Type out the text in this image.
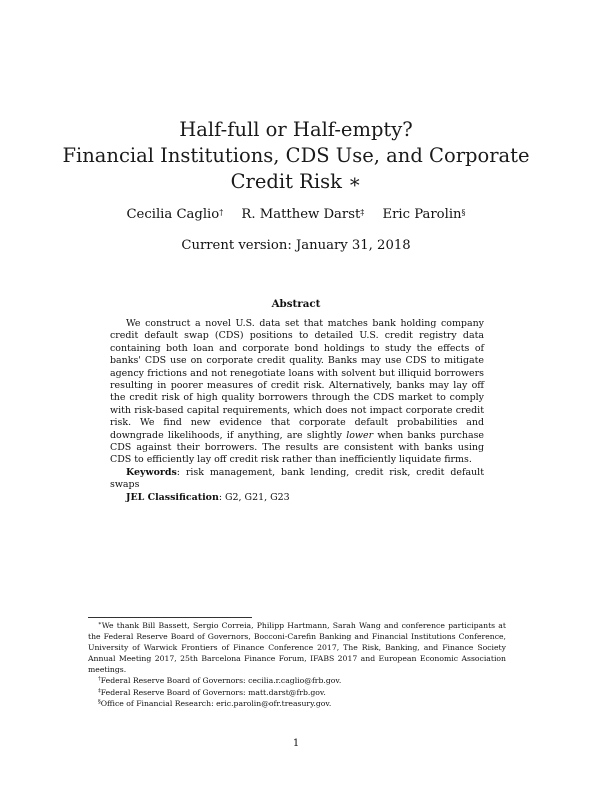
Half-full or Half-empty?
Financial Institutions, CDS Use, and Corporate
Credit Risk ∗
Cecilia Caglio† R. Matthew Darst‡ Eric Parolin§
Current version: January 31, 2018
Abstract

We construct a novel U.S. data set that matches bank holding company credit default swap (CDS) positions to detailed U.S. credit registry data containing both loan and corporate bond holdings to study the effects of banks' CDS use on corporate credit quality. Banks may use CDS to mitigate agency frictions and not renegotiate loans with solvent but illiquid borrowers resulting in poorer measures of credit risk. Alternatively, banks may lay off the credit risk of high quality borrowers through the CDS market to comply with risk-based capital requirements, which does not impact corporate credit risk. We find new evidence that corporate default probabilities and downgrade likelihoods, if anything, are slightly lower when banks purchase CDS against their borrowers. The results are consistent with banks using CDS to efficiently lay off credit risk rather than inefficiently liquidate firms.

Keywords: risk management, bank lending, credit risk, credit default swaps

JEL Classification: G2, G21, G23

∗We thank Bill Bassett, Sergio Correia, Philipp Hartmann, Sarah Wang and conference participants at the Federal Reserve Board of Governors, Bocconi-Carefin Banking and Financial Institutions Conference, University of Warwick Frontiers of Finance Conference 2017, The Risk, Banking, and Finance Society Annual Meeting 2017, 25th Barcelona Finance Forum, IFABS 2017 and European Economic Association meetings.

†Federal Reserve Board of Governors: cecilia.r.caglio@frb.gov.

‡Federal Reserve Board of Governors: matt.darst@frb.gov.

§Office of Financial Research: eric.parolin@ofr.treasury.gov.

1
